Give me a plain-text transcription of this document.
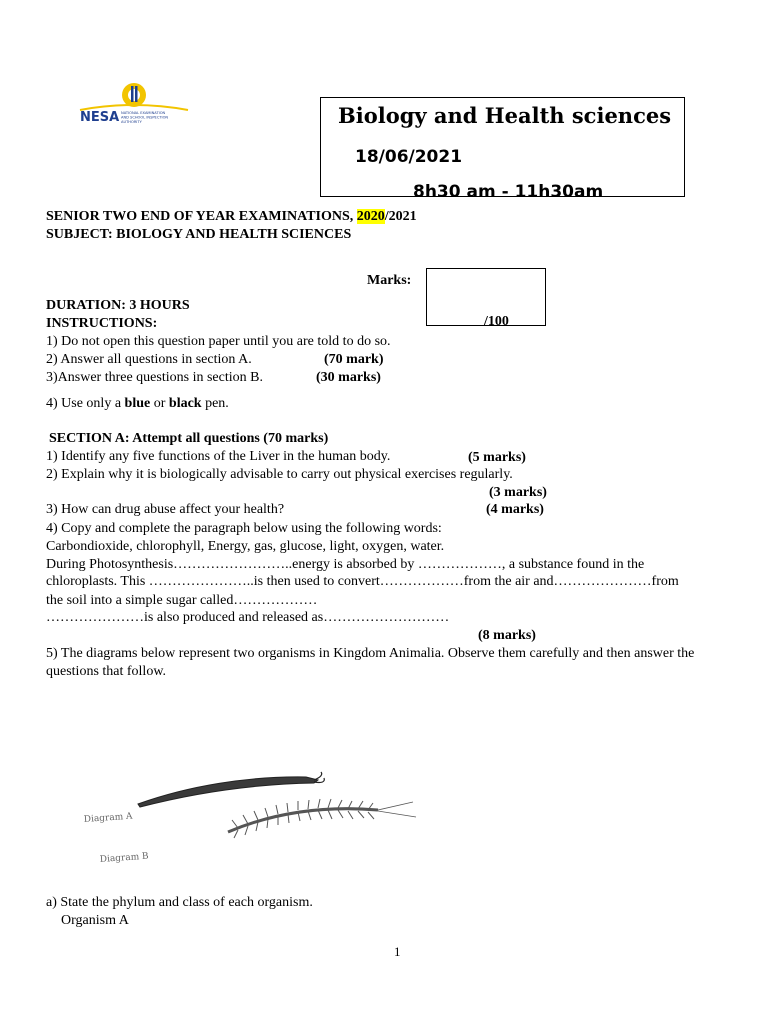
NESA NATIONAL EXAMINATION
AND SCHOOL INSPECTION
AUTHORITY	Biology and Health sciences
18/06/2021
8h30 am - 11h30am
SENIOR TWO END OF YEAR EXAMINATIONS, 2020/2021
SUBJECT: BIOLOGY AND HEALTH SCIENCES
Marks:
/100
DURATION: 3 HOURS
INSTRUCTIONS:
1) Do not open this question paper until you are told to do so.
2) Answer all questions in section A.	(70 mark)
3)Answer three questions in section B.	(30 marks)
4) Use only a blue or black pen.
SECTION A: Attempt all questions (70 marks)
1) Identify any five functions of the Liver in the human body.	(5 marks)
2) Explain why it is biologically advisable to carry out physical exercises regularly.
(3 marks)
3) How can drug abuse affect your health?	(4 marks)
4) Copy and complete the paragraph below using the following words:
Carbondioxide, chlorophyll, Energy, gas, glucose, light, oxygen, water.
During Photosynthesis……………………..energy is absorbed by ………………, a substance found in the
chloroplasts. This …………………..is then used to convert………………from the air and…………………from
the soil into a simple sugar called………………
…………………is also produced and released as………………………
(8 marks)
5) The diagrams below represent two organisms in Kingdom Animalia. Observe them carefully and then answer the
questions that follow.
Diagram A
Diagram B
a) State the phylum and class of each organism.
Organism A
1
